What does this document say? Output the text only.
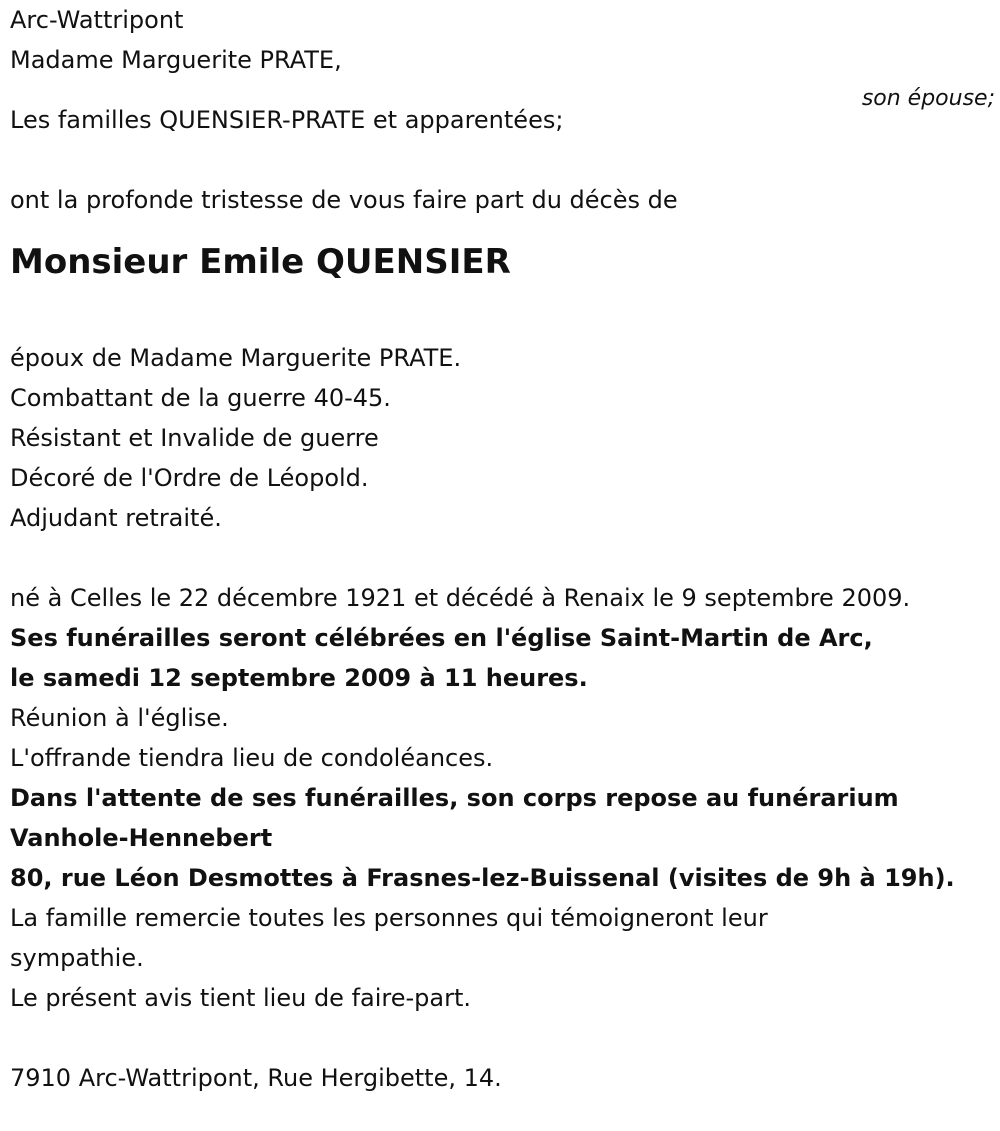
Arc-Wattripont
Madame Marguerite PRATE,
son épouse;
Les familles QUENSIER-PRATE et apparentées;
ont la profonde tristesse de vous faire part du décès de
Monsieur Emile QUENSIER
époux de Madame Marguerite PRATE.
Combattant de la guerre 40-45.
Résistant et Invalide de guerre
Décoré de l'Ordre de Léopold.
Adjudant retraité.
né à Celles le 22 décembre 1921 et décédé à Renaix le 9 septembre 2009.
Ses funérailles seront célébrées en l'église Saint-Martin de Arc,
le samedi 12 septembre 2009 à 11 heures.
Réunion à l'église.
L'offrande tiendra lieu de condoléances.
Dans l'attente de ses funérailles, son corps repose au funérarium
Vanhole-Hennebert
80, rue Léon Desmottes à Frasnes-lez-Buissenal (visites de 9h à 19h).
La famille remercie toutes les personnes qui témoigneront leur
sympathie.
Le présent avis tient lieu de faire-part.
7910 Arc-Wattripont, Rue Hergibette, 14.
